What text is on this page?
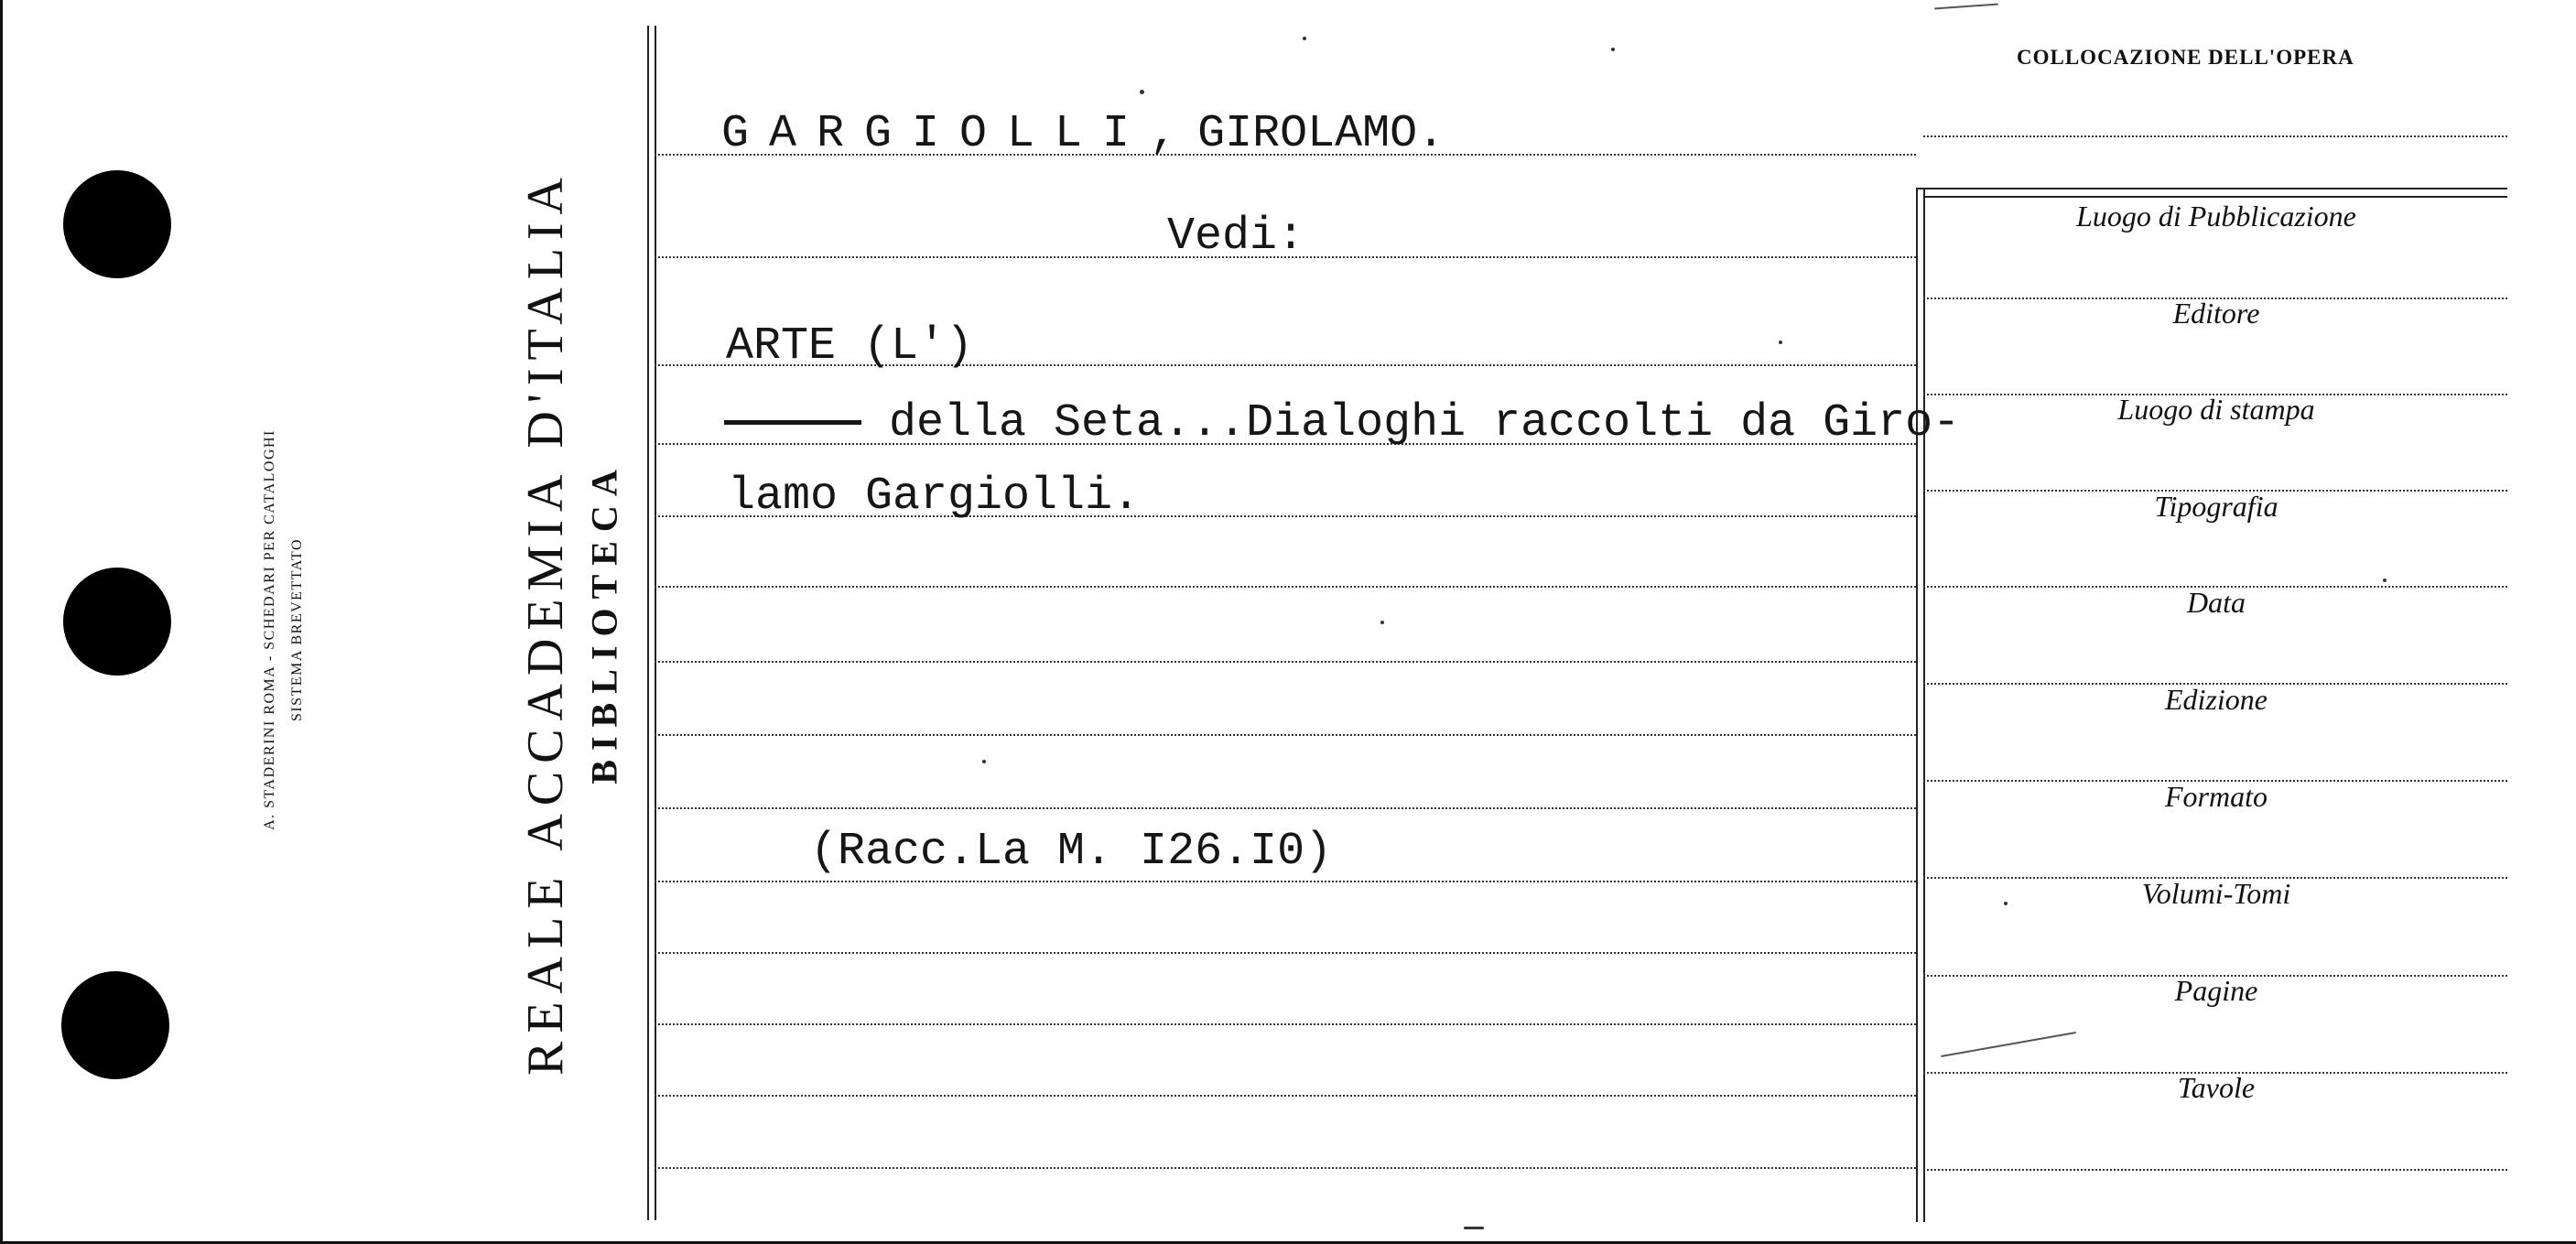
A. STADERINI ROMA - SCHEDARI PER CATALOGHI SISTEMA BREVETTATO	REALE ACCADEMIA D'ITALIA BIBLIOTECA
COLLOCAZIONE DELL'OPERA
GARGIOLLI,GIROLAMO.
Vedi:
ARTE (L')
della Seta...Dialoghi raccolti da Giro-
lamo Gargiolli.
(Racc.La M. I26.I0)
Luogo di Pubblicazione
Editore
Luogo di stampa
Tipografia
Data
Edizione
Formato
Volumi-Tomi
Pagine
Tavole
